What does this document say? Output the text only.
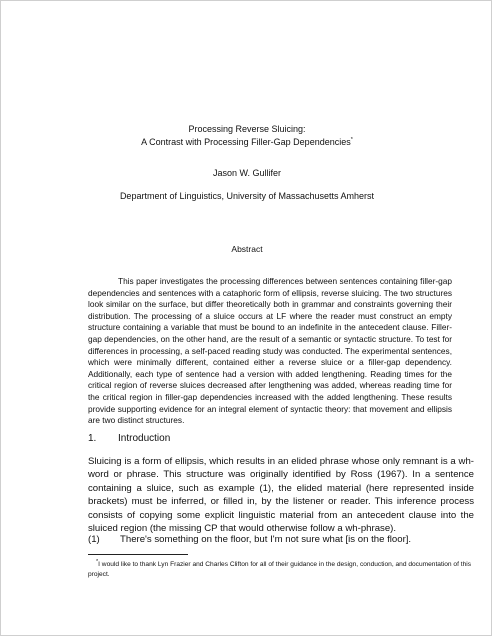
Processing Reverse Sluicing:
A Contrast with Processing Filler-Gap Dependencies*
Jason W. Gullifer
Department of Linguistics, University of Massachusetts Amherst
Abstract

This paper investigates the processing differences between sentences containing filler-gap dependencies and sentences with a cataphoric form of ellipsis, reverse sluicing. The two structures look similar on the surface, but differ theoretically both in grammar and constraints governing their distribution. The processing of a sluice occurs at LF where the reader must construct an empty structure containing a variable that must be bound to an indefinite in the antecedent clause. Filler-gap dependencies, on the other hand, are the result of a semantic or syntactic structure. To test for differences in processing, a self-paced reading study was conducted. The experimental sentences, which were minimally different, contained either a reverse sluice or a filler-gap dependency. Additionally, each type of sentence had a version with added lengthening. Reading times for the critical region of reverse sluices decreased after lengthening was added, whereas reading time for the critical region in filler-gap dependencies increased with the added lengthening. These results provide supporting evidence for an integral element of syntactic theory: that movement and ellipsis are two distinct structures.

1. Introduction

Sluicing is a form of ellipsis, which results in an elided phrase whose only remnant is a wh-word or phrase. This structure was originally identified by Ross (1967). In a sentence containing a sluice, such as example (1), the elided material (here represented inside brackets) must be inferred, or filled in, by the listener or reader. This inference process consists of copying some explicit linguistic material from an antecedent clause into the sluiced region (the missing CP that would otherwise follow a wh-phrase).

(1) There's something on the floor, but I'm not sure what [is on the floor].

*I would like to thank Lyn Frazier and Charles Clifton for all of their guidance in the design, conduction, and documentation of this project.
